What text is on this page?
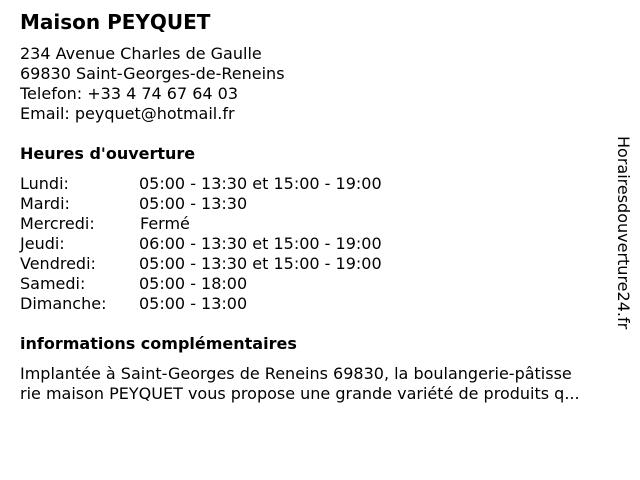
Maison PEYQUET
234 Avenue Charles de Gaulle
69830 Saint-Georges-de-Reneins
Telefon: +33 4 74 67 64 03
Email: peyquet@hotmail.fr
Heures d'ouverture
Lundi:	05:00 - 13:30 et 15:00 - 19:00
Mardi:	05:00 - 13:30
Mercredi:	Fermé
Jeudi:	06:00 - 13:30 et 15:00 - 19:00
Vendredi:	05:00 - 13:30 et 15:00 - 19:00
Samedi:	05:00 - 18:00
Dimanche: 05:00 - 13:00
informations complémentaires
Implantée à Saint-Georges de Reneins 69830, la boulangerie-pâtisse
rie maison PEYQUET vous propose une grande variété de produits q...
Horairesdouverture24.fr
